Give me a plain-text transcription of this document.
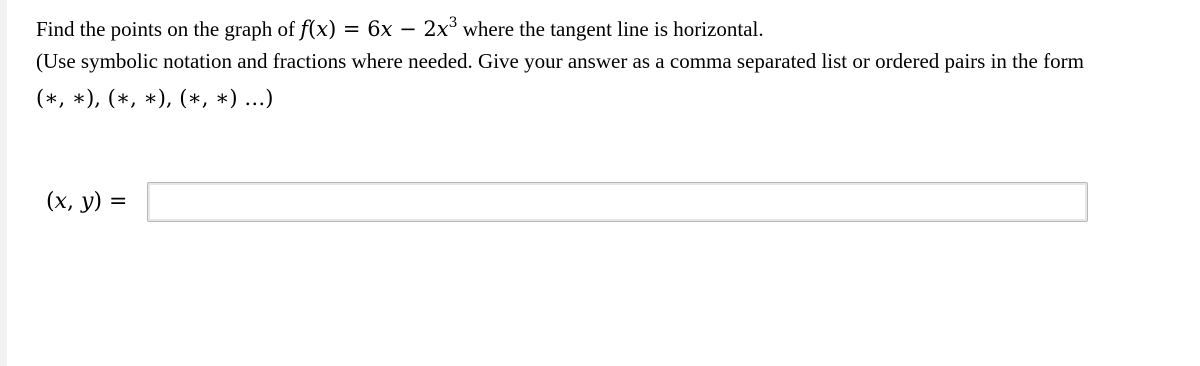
Find the points on the graph of $f(x) = 6x - 2x^3$ where the tangent line is horizontal.
(Use symbolic notation and fractions where needed. Give your answer as a comma separated list or ordered pairs in the form
(∗, ∗), (∗, ∗), (∗, ∗) …)
(x, y) =
